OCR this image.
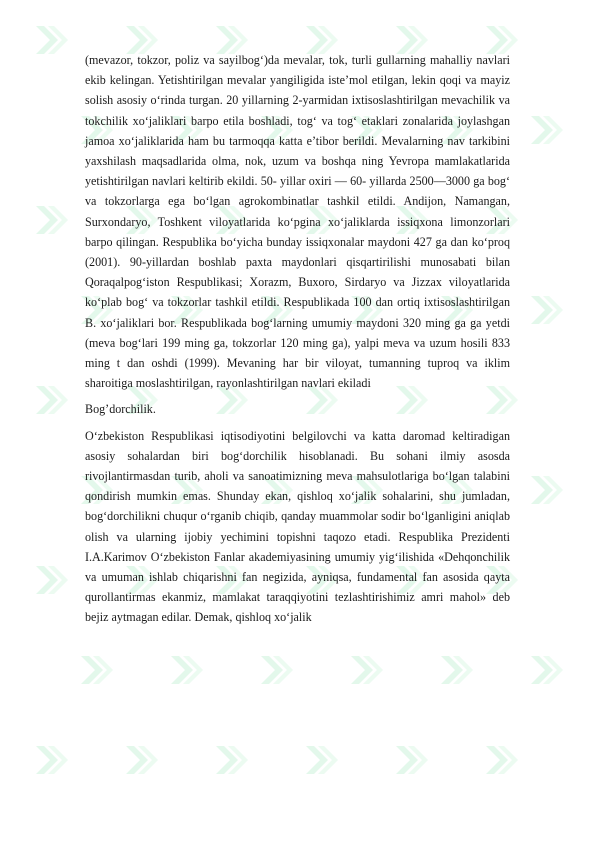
(mevazor, tokzor, poliz va sayilbog‘)da mevalar, tok, turli gullarning mahalliy navlari ekib kelingan. Yetishtirilgan mevalar yangiligida iste’mol etilgan, lekin qoqi va mayiz solish asosiy o‘rinda turgan. 20 yillarning 2-yarmidan ixtisoslashtirilgan mevachilik va tokchilik xo‘jaliklari barpo etila boshladi, tog‘ va tog‘ etaklari zonalarida joylashgan jamoa xo‘jaliklarida ham bu tarmoqqa katta e’tibor berildi. Mevalarning nav tarkibini yaxshilash maqsadlarida olma, nok, uzum va boshqa ning Yevropa mamlakatlarida yetishtirilgan navlari keltirib ekildi. 50- yillar oxiri — 60- yillarda 2500—3000 ga bog‘ va tokzorlarga ega bo‘lgan agrokombinatlar tashkil etildi. Andijon, Namangan, Surxondaryo, Toshkent viloyatlarida ko‘pgina xo‘jaliklarda issiqxona limonzorlari barpo qilingan. Respublika bo‘yicha bunday issiqxonalar maydoni 427 ga dan ko‘proq (2001). 90-yillardan boshlab paxta maydonlari qisqartirilishi munosabati bilan Qoraqalpog‘iston Respublikasi; Xorazm, Buxoro, Sirdaryo va Jizzax viloyatlarida ko‘plab bog‘ va tokzorlar tashkil etildi. Respublikada 100 dan ortiq ixtisoslashtirilgan B. xo‘jaliklari bor. Respublikada bog‘larning umumiy maydoni 320 ming ga ga yetdi (meva bog‘lari 199 ming ga, tokzorlar 120 ming ga), yalpi meva va uzum hosili 833 ming t dan oshdi (1999). Mevaning har bir viloyat, tumanning tuproq va iklim sharoitiga moslashtirilgan, rayonlashtirilgan navlari ekiladi

Bog’dorchilik.

O‘zbekiston Respublikasi iqtisodiyotini belgilovchi va katta daromad keltiradigan asosiy sohalardan biri bog‘dorchilik hisoblanadi. Bu sohani ilmiy asosda rivojlantirmasdan turib, aholi va sanoatimizning meva mahsulotlariga bo‘lgan talabini qondirish mumkin emas. Shunday ekan, qishloq xo‘jalik sohalarini, shu jumladan, bog‘dorchilikni chuqur o‘rganib chiqib, qanday muammolar sodir bo‘lganligini aniqlab olish va ularning ijobiy yechimini topishni taqozo etadi. Respublika Prezidenti I.A.Karimov O‘zbekiston Fanlar akademiyasining umumiy yig‘ilishida «Dehqonchilik va umuman ishlab chiqarishni fan negizida, ayniqsa, fundamental fan asosida qayta qurollantirmas ekanmiz, mamlakat taraqqiyotini tezlashtirishimiz amri mahol» deb bejiz aytmagan edilar. Demak, qishloq xo‘jalik
